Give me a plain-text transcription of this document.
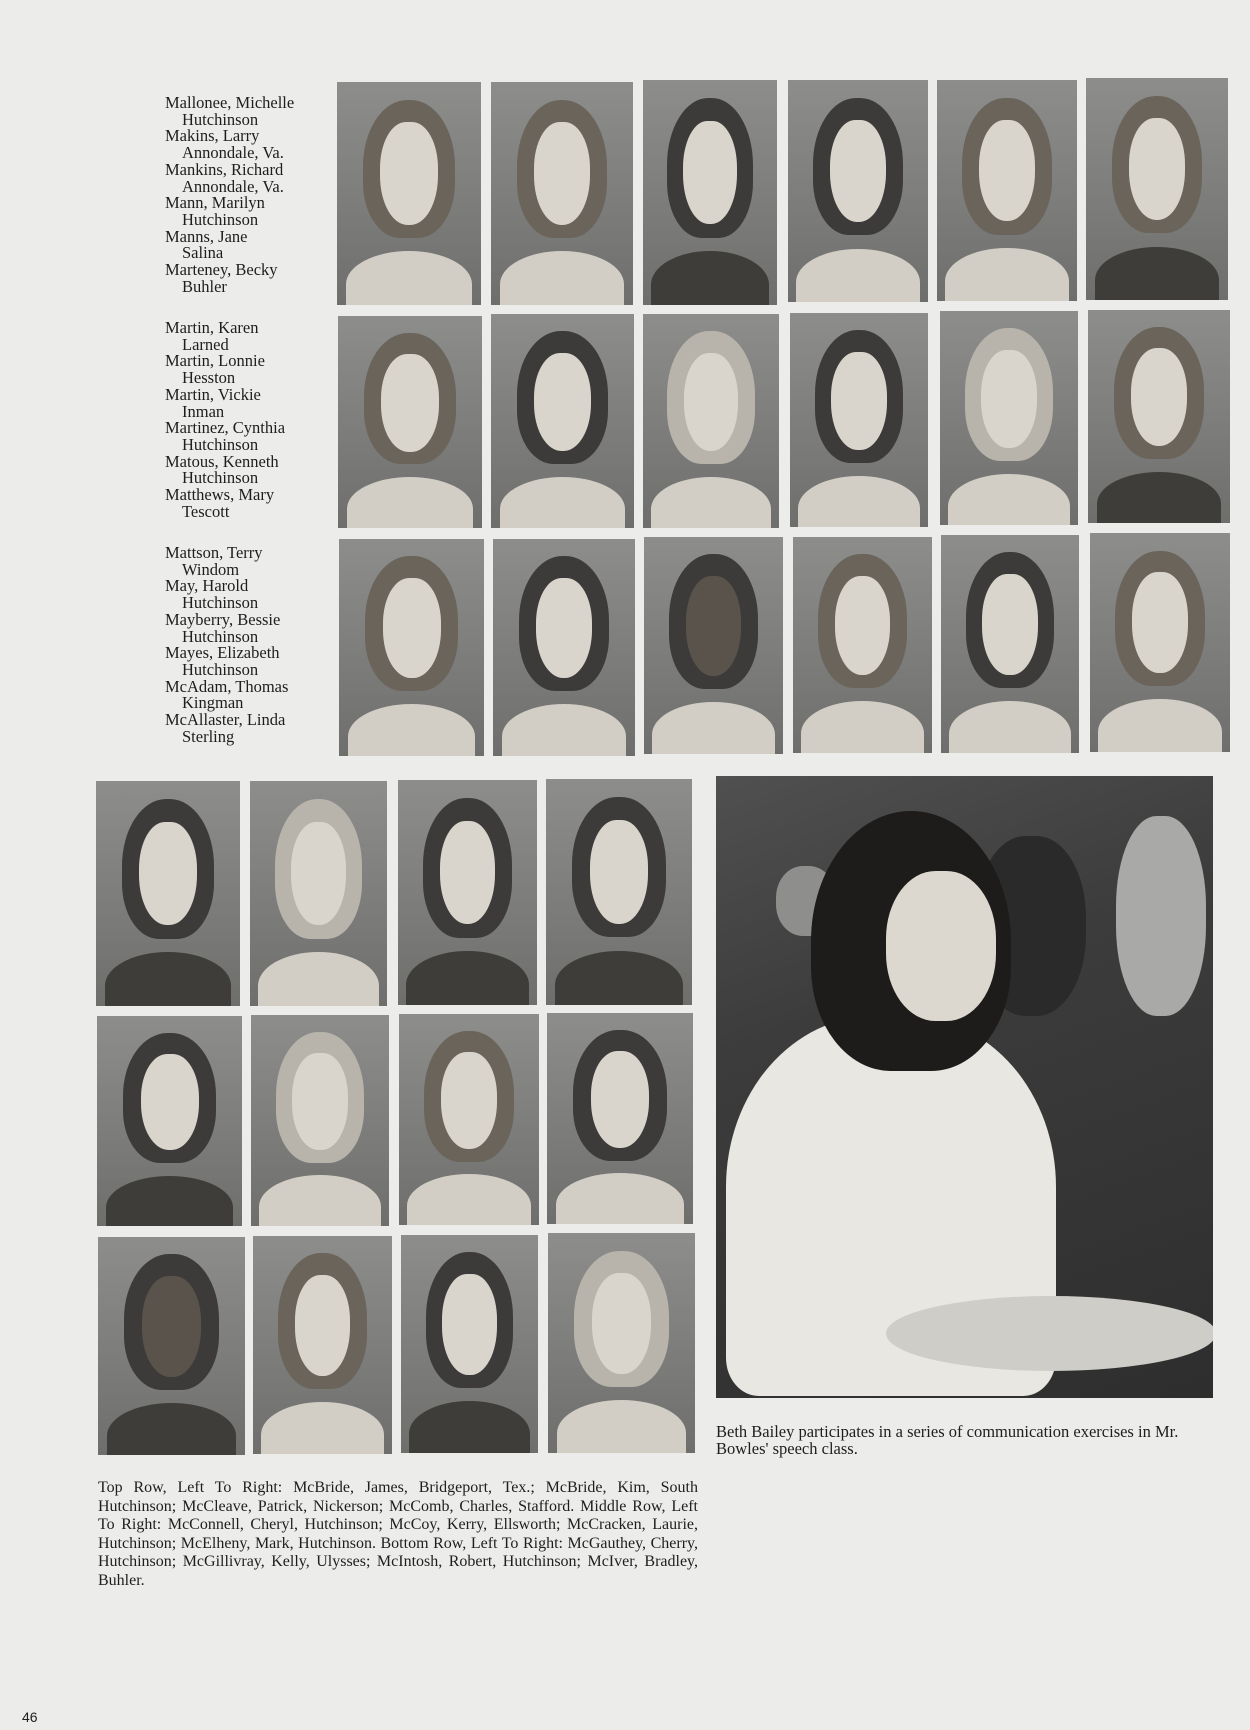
Mallonee, Michelle
Hutchinson
Makins, Larry
Annondale, Va.
Mankins, Richard
Annondale, Va.
Mann, Marilyn
Hutchinson
Manns, Jane
Salina
Marteney, Becky
Buhler
Martin, Karen
Larned
Martin, Lonnie
Hesston
Martin, Vickie
Inman
Martinez, Cynthia
Hutchinson
Matous, Kenneth
Hutchinson
Matthews, Mary
Tescott
Mattson, Terry
Windom
May, Harold
Hutchinson
Mayberry, Bessie
Hutchinson
Mayes, Elizabeth
Hutchinson
McAdam, Thomas
Kingman
McAllaster, Linda
Sterling
Beth Bailey participates in a series of communication exercises in Mr. Bowles' speech class.
Top Row, Left To Right: McBride, James, Bridgeport, Tex.; McBride, Kim, South Hutchinson; McCleave, Patrick, Nickerson; McComb, Charles, Stafford. Middle Row, Left To Right: McConnell, Cheryl, Hutchinson; McCoy, Kerry, Ellsworth; McCracken, Laurie, Hutchinson; McElheny, Mark, Hutchinson. Bottom Row, Left To Right: McGauthey, Cherry, Hutchinson; McGillivray, Kelly, Ulysses; McIntosh, Robert, Hutchinson; McIver, Bradley, Buhler.
46
